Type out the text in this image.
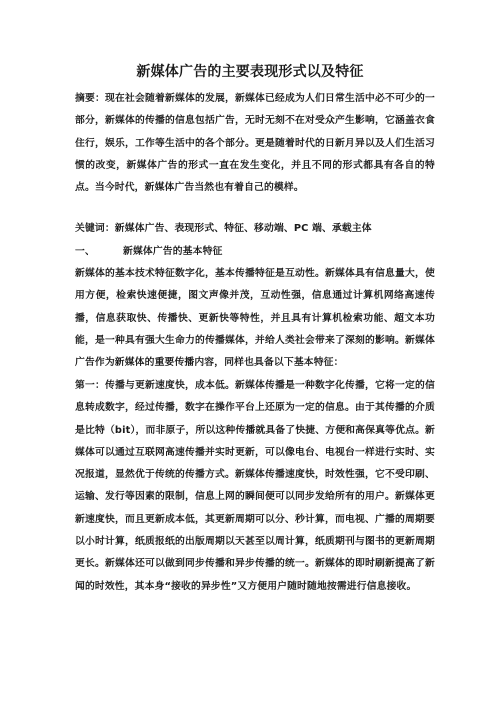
新媒体广告的主要表现形式以及特征
摘要：现在社会随着新媒体的发展，新媒体已经成为人们日常生活中必不可少的一部分，新媒体的传播的信息包括广告，无时无刻不在对受众产生影响，它涵盖衣食住行，娱乐，工作等生活中的各个部分。更是随着时代的日新月异以及人们生活习惯的改变，新媒体广告的形式一直在发生变化，并且不同的形式都具有各自的特点。当今时代，新媒体广告当然也有着自己的模样。
关键词：新媒体广告、表现形式、特征、移动端、PC 端、承载主体
一、	新媒体广告的基本特征
新媒体的基本技术特征数字化，基本传播特征是互动性。新媒体具有信息量大，使用方便，检索快速便捷，图文声像并茂，互动性强，信息通过计算机网络高速传播，信息获取快、传播快、更新快等特性，并且具有计算机检索功能、超文本功能，是一种具有强大生命力的传播媒体，并给人类社会带来了深刻的影响。新媒体广告作为新媒体的重要传播内容，同样也具备以下基本特征：
第一：传播与更新速度快，成本低。新媒体传播是一种数字化传播，它将一定的信息转成数字，经过传播，数字在操作平台上还原为一定的信息。由于其传播的介质是比特（bit），而非原子，所以这种传播就具备了快捷、方便和高保真等优点。新媒体可以通过互联网高速传播并实时更新，可以像电台、电视台一样进行实时、实况报道，显然优于传统的传播方式。新媒体传播速度快，时效性强，它不受印刷、运输、发行等因素的限制，信息上网的瞬间便可以同步发给所有的用户。新媒体更新速度快，而且更新成本低，其更新周期可以分、秒计算，而电视、广播的周期要以小时计算，纸质报纸的出版周期以天甚至以周计算，纸质期刊与图书的更新周期更长。新媒体还可以做到同步传播和异步传播的统一。新媒体的即时刷新提高了新闻的时效性，其本身“接收的异步性”又方便用户随时随地按需进行信息接收。
